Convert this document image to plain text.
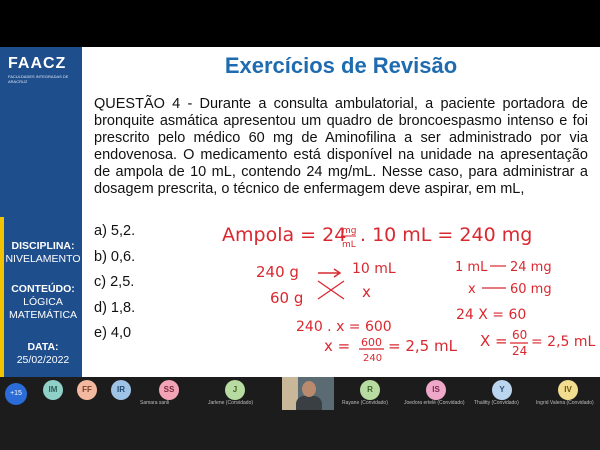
FAACZ
FACULDADES INTEGRADAS DE ARACRUZ
DISCIPLINA:
NIVELAMENTO
CONTEÚDO:
LÓGICA
MATEMÁTICA
DATA:
25/02/2022
Exercícios de Revisão
QUESTÃO 4 - Durante a consulta ambulatorial, a paciente portadora de bronquite asmática apresentou um quadro de broncoespasmo intenso e foi prescrito pelo médico 60 mg de Aminofilina a ser administrado por via endovenosa. O medicamento está disponível na unidade na apresentação de ampola de 10 mL, contendo 24 mg/mL. Nesse caso, para administrar a dosagem prescrita, o técnico de enfermagem deve aspirar, em mL,
a) 5,2.
b) 0,6.
c) 2,5.
d) 1,8.
e) 4,0
Ampola = 24
mg
mL . 10 mL = 240 mg
240 g	10 mL
60 g	x
240 . x = 600
x = 600
240
= 2,5 mL
1 mL 24 mg
x	60 mg
24 X = 60
X = 60
24
= 2,5 mL
+15	IM	FF	IR	SS
Samara sanli
J
Jarlene (Convidado)
R
Rayane (Convidado)
IS
Joedora ertelé (Convidado)
Y
Thalitty (Convidado)
IV
Ingrid Valena (Convidado)
